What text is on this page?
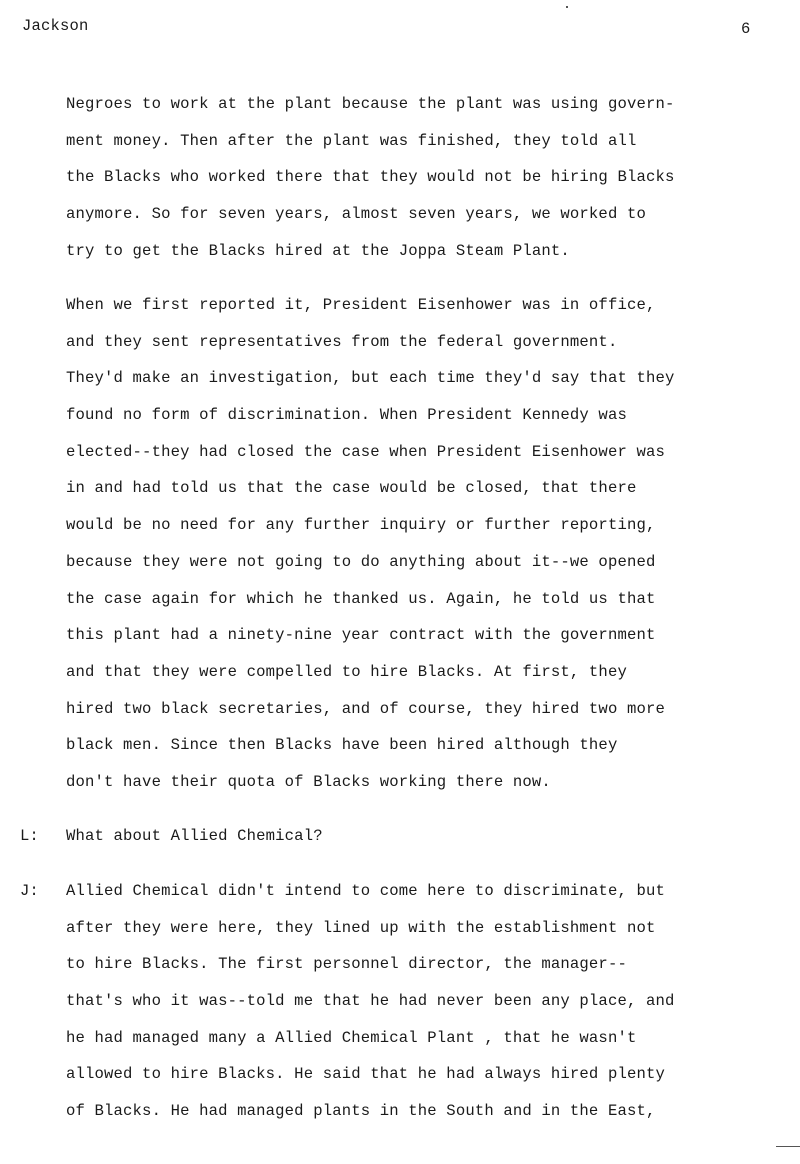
Jackson	6
Negroes to work at the plant because the plant was using govern-
ment money. Then after the plant was finished, they told all
the Blacks who worked there that they would not be hiring Blacks
anymore. So for seven years, almost seven years, we worked to
try to get the Blacks hired at the Joppa Steam Plant.
When we first reported it, President Eisenhower was in office,
and they sent representatives from the federal government.
They'd make an investigation, but each time they'd say that they
found no form of discrimination. When President Kennedy was
elected--they had closed the case when President Eisenhower was
in and had told us that the case would be closed, that there
would be no need for any further inquiry or further reporting,
because they were not going to do anything about it--we opened
the case again for which he thanked us. Again, he told us that
this plant had a ninety-nine year contract with the government
and that they were compelled to hire Blacks. At first, they
hired two black secretaries, and of course, they hired two more
black men. Since then Blacks have been hired although they
don't have their quota of Blacks working there now.
L: What about Allied Chemical?
J: Allied Chemical didn't intend to come here to discriminate, but
after they were here, they lined up with the establishment not
to hire Blacks. The first personnel director, the manager--
that's who it was--told me that he had never been any place, and
he had managed many a Allied Chemical Plant , that he wasn't
allowed to hire Blacks. He said that he had always hired plenty
of Blacks. He had managed plants in the South and in the East,
